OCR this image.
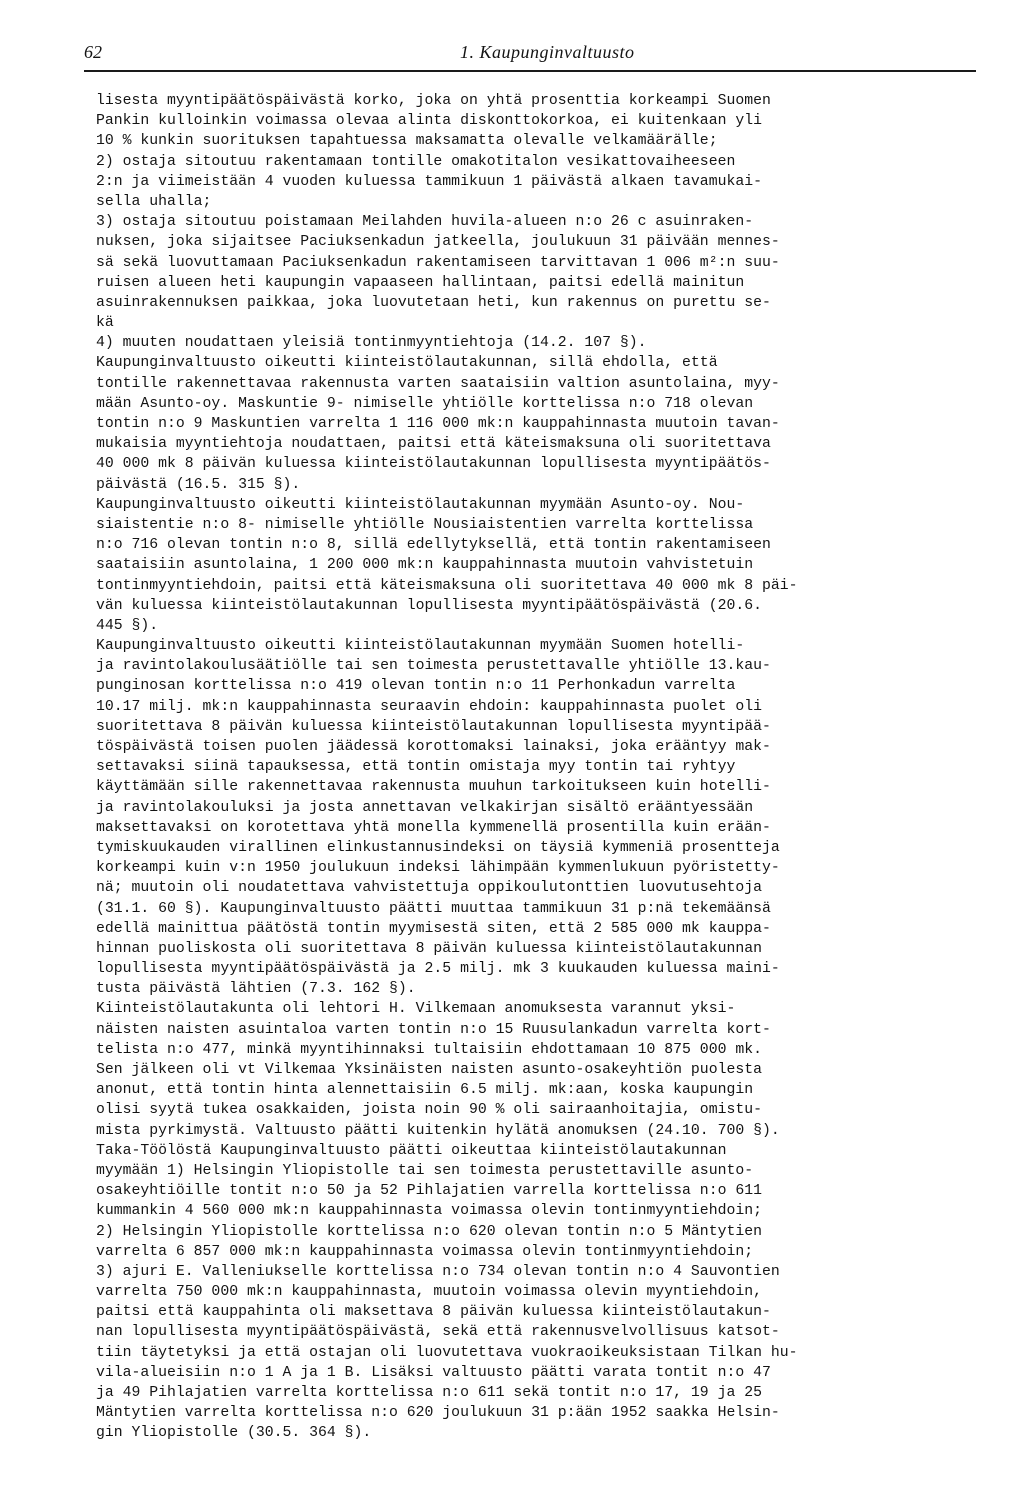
62	1. Kaupunginvaltuusto
lisesta myyntipäätöspäivästä korko, joka on yhtä prosenttia korkeampi Suomen
Pankin kulloinkin voimassa olevaa alinta diskonttokorkoa, ei kuitenkaan yli
10 % kunkin suorituksen tapahtuessa maksamatta olevalle velkamäärälle;
2) ostaja sitoutuu rakentamaan tontille omakotitalon vesikattovaiheeseen
2:n ja viimeistään 4 vuoden kuluessa tammikuun 1 päivästä alkaen tavamukai-
sella uhalla;
3) ostaja sitoutuu poistamaan Meilahden huvila-alueen n:o 26 c asuinraken-
nuksen, joka sijaitsee Paciuksenkadun jatkeella, joulukuun 31 päivään mennes-
sä sekä luovuttamaan Paciuksenkadun rakentamiseen tarvittavan 1 006 m²:n suu-
ruisen alueen heti kaupungin vapaaseen hallintaan, paitsi edellä mainitun
asuinrakennuksen paikkaa, joka luovutetaan heti, kun rakennus on purettu se-
kä
4) muuten noudattaen yleisiä tontinmyyntiehtoja (14.2. 107 §).
Kaupunginvaltuusto oikeutti kiinteistölautakunnan, sillä ehdolla, että
tontille rakennettavaa rakennusta varten saataisiin valtion asuntolaina, myy-
mään Asunto-oy. Maskuntie 9- nimiselle yhtiölle korttelissa n:o 718 olevan
tontin n:o 9 Maskuntien varrelta 1 116 000 mk:n kauppahinnasta muutoin tavan-
mukaisia myyntiehtoja noudattaen, paitsi että käteismaksuna oli suoritettava
40 000 mk 8 päivän kuluessa kiinteistölautakunnan lopullisesta myyntipäätös-
päivästä (16.5. 315 §).
Kaupunginvaltuusto oikeutti kiinteistölautakunnan myymään Asunto-oy. Nou-
siaistentie n:o 8- nimiselle yhtiölle Nousiaistentien varrelta korttelissa
n:o 716 olevan tontin n:o 8, sillä edellytyksellä, että tontin rakentamiseen
saataisiin asuntolaina, 1 200 000 mk:n kauppahinnasta muutoin vahvistetuin
tontinmyyntiehdoin, paitsi että käteismaksuna oli suoritettava 40 000 mk 8 päi-
vän kuluessa kiinteistölautakunnan lopullisesta myyntipäätöspäivästä (20.6.
445 §).
Kaupunginvaltuusto oikeutti kiinteistölautakunnan myymään Suomen hotelli-
ja ravintolakoulusäätiölle tai sen toimesta perustettavalle yhtiölle 13.kau-
punginosan korttelissa n:o 419 olevan tontin n:o 11 Perhonkadun varrelta
10.17 milj. mk:n kauppahinnasta seuraavin ehdoin: kauppahinnasta puolet oli
suoritettava 8 päivän kuluessa kiinteistölautakunnan lopullisesta myyntipää-
töspäivästä toisen puolen jäädessä korottomaksi lainaksi, joka erääntyy mak-
settavaksi siinä tapauksessa, että tontin omistaja myy tontin tai ryhtyy
käyttämään sille rakennettavaa rakennusta muuhun tarkoitukseen kuin hotelli-
ja ravintolakouluksi ja josta annettavan velkakirjan sisältö erääntyessään
maksettavaksi on korotettava yhtä monella kymmenellä prosentilla kuin erään-
tymiskuukauden virallinen elinkustannusindeksi on täysiä kymmeniä prosentteja
korkeampi kuin v:n 1950 joulukuun indeksi lähimpään kymmenlukuun pyöristetty-
nä; muutoin oli noudatettava vahvistettuja oppikoulutonttien luovutusehtoja
(31.1. 60 §). Kaupunginvaltuusto päätti muuttaa tammikuun 31 p:nä tekemäänsä
edellä mainittua päätöstä tontin myymisestä siten, että 2 585 000 mk kauppa-
hinnan puoliskosta oli suoritettava 8 päivän kuluessa kiinteistölautakunnan
lopullisesta myyntipäätöspäivästä ja 2.5 milj. mk 3 kuukauden kuluessa maini-
tusta päivästä lähtien (7.3. 162 §).
Kiinteistölautakunta oli lehtori H. Vilkemaan anomuksesta varannut yksi-
näisten naisten asuintaloa varten tontin n:o 15 Ruusulankadun varrelta kort-
telista n:o 477, minkä myyntihinnaksi tultaisiin ehdottamaan 10 875 000 mk.
Sen jälkeen oli vt Vilkemaa Yksinäisten naisten asunto-osakeyhtiön puolesta
anonut, että tontin hinta alennettaisiin 6.5 milj. mk:aan, koska kaupungin
olisi syytä tukea osakkaiden, joista noin 90 % oli sairaanhoitajia, omistu-
mista pyrkimystä. Valtuusto päätti kuitenkin hylätä anomuksen (24.10. 700 §).
Taka-Töölöstä Kaupunginvaltuusto päätti oikeuttaa kiinteistölautakunnan
myymään 1) Helsingin Yliopistolle tai sen toimesta perustettaville asunto-
osakeyhtiöille tontit n:o 50 ja 52 Pihlajatien varrella korttelissa n:o 611
kummankin 4 560 000 mk:n kauppahinnasta voimassa olevin tontinmyyntiehdoin;
2) Helsingin Yliopistolle korttelissa n:o 620 olevan tontin n:o 5 Mäntytien
varrelta 6 857 000 mk:n kauppahinnasta voimassa olevin tontinmyyntiehdoin;
3) ajuri E. Valleniukselle korttelissa n:o 734 olevan tontin n:o 4 Sauvontien
varrelta 750 000 mk:n kauppahinnasta, muutoin voimassa olevin myyntiehdoin,
paitsi että kauppahinta oli maksettava 8 päivän kuluessa kiinteistölautakun-
nan lopullisesta myyntipäätöspäivästä, sekä että rakennusvelvollisuus katsot-
tiin täytetyksi ja että ostajan oli luovutettava vuokraoikeuksistaan Tilkan hu-
vila-alueisiin n:o 1 A ja 1 B. Lisäksi valtuusto päätti varata tontit n:o 47
ja 49 Pihlajatien varrelta korttelissa n:o 611 sekä tontit n:o 17, 19 ja 25
Mäntytien varrelta korttelissa n:o 620 joulukuun 31 p:ään 1952 saakka Helsin-
gin Yliopistolle (30.5. 364 §).
